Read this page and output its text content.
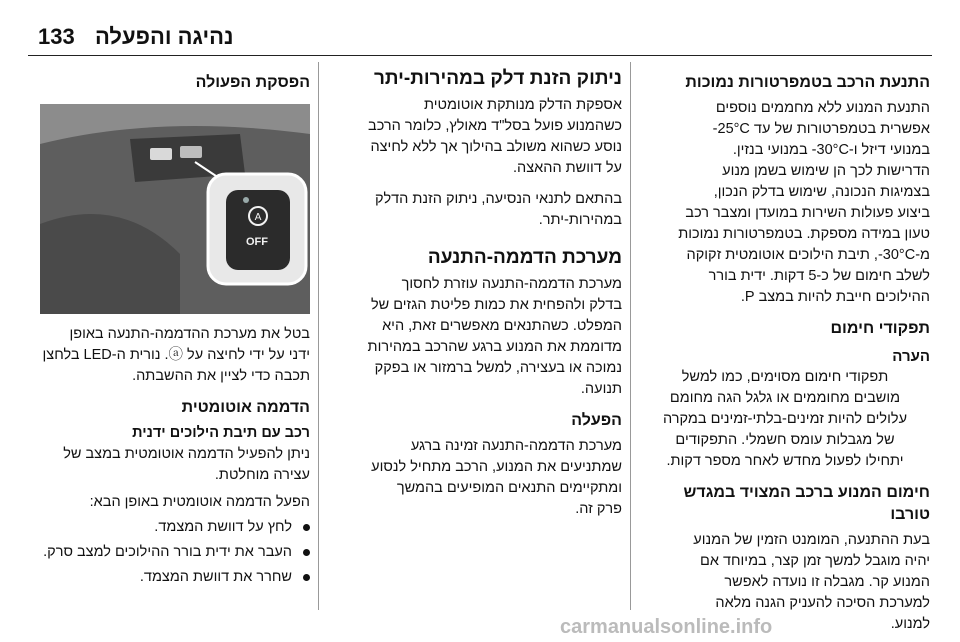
133 נהיגה והפעלה
התנעת הרכב בטמפרטורות נמוכות

התנעת המנוע ללא מחממים נוספים

אפשרית בטמפרטורות של עד 25°C-

במנועי דיזל ו-30°C- במנועי בנזין.

הדרישות לכך הן שימוש בשמן מנוע

בצמיגות הנכונה, שימוש בדלק הנכון,

ביצוע פעולות השירות במועדן ומצבר רכב

טעון במידה מספקת. בטמפרטורות נמוכות

מ-30°C-, תיבת הילוכים אוטומטית זקוקה

לשלב חימום של כ-5 דקות. ידית בורר

ההילוכים חייבת להיות במצב P.

תפקודי חימום
הערה

תפקודי חימום מסוימים, כמו למשל

מושבים מחוממים או גלגל הגה מחומם

עלולים להיות זמינים-בלתי-זמינים במקרה

של מגבלות עומס חשמלי. התפקודים

יתחילו לפעול מחדש לאחר מספר דקות.

חימום המנוע ברכב המצויד במגדש
טורבו

בעת ההתנעה, המומנט הזמין של המנוע

יהיה מוגבל למשך זמן קצר, במיוחד אם

המנוע קר. מגבלה זו נועדה לאפשר

למערכת הסיכה להעניק הגנה מלאה

למנוע.

ניתוק הזנת דלק במהירות-יתר

אספקת הדלק מנותקת אוטומטית

כשהמנוע פועל בסל"ד מאולץ, כלומר הרכב

נוסע כשהוא משולב בהילוך אך ללא לחיצה

על דוושת ההאצה.

בהתאם לתנאי הנסיעה, ניתוק הזנת הדלק

במהירות-יתר.

מערכת הדממה-התנעה

מערכת הדממה-התנעה עוזרת לחסוך

בדלק ולהפחית את כמות פליטת הגזים של

המפלט. כשהתנאים מאפשרים זאת, היא

מדוממת את המנוע ברגע שהרכב במהירות

נמוכה או בעצירה, למשל ברמזור או בפקק

תנועה.

הפעלה

מערכת הדממה-התנעה זמינה ברגע

שמתניעים את המנוע, הרכב מתחיל לנסוע

ומתקיימים התנאים המופיעים בהמשך

פרק זה.

הפסקת הפעולה
A
OFF

בטל את מערכת ההדממה-התנעה באופן

ידני על ידי לחיצה על ⓐ. נורית ה-LED בלחצן

תכבה כדי לציין את ההשבתה.

הדממה אוטומטית
רכב עם תיבת הילוכים ידנית

ניתן להפעיל הדממה אוטומטית במצב של

עצירה מוחלטת.

הפעל הדממה אוטומטית באופן הבא:

לחץ על דוושת המצמד.
העבר את ידית בורר ההילוכים למצב סרק.
שחרר את דוושת המצמד.
carmanualsonline.info
